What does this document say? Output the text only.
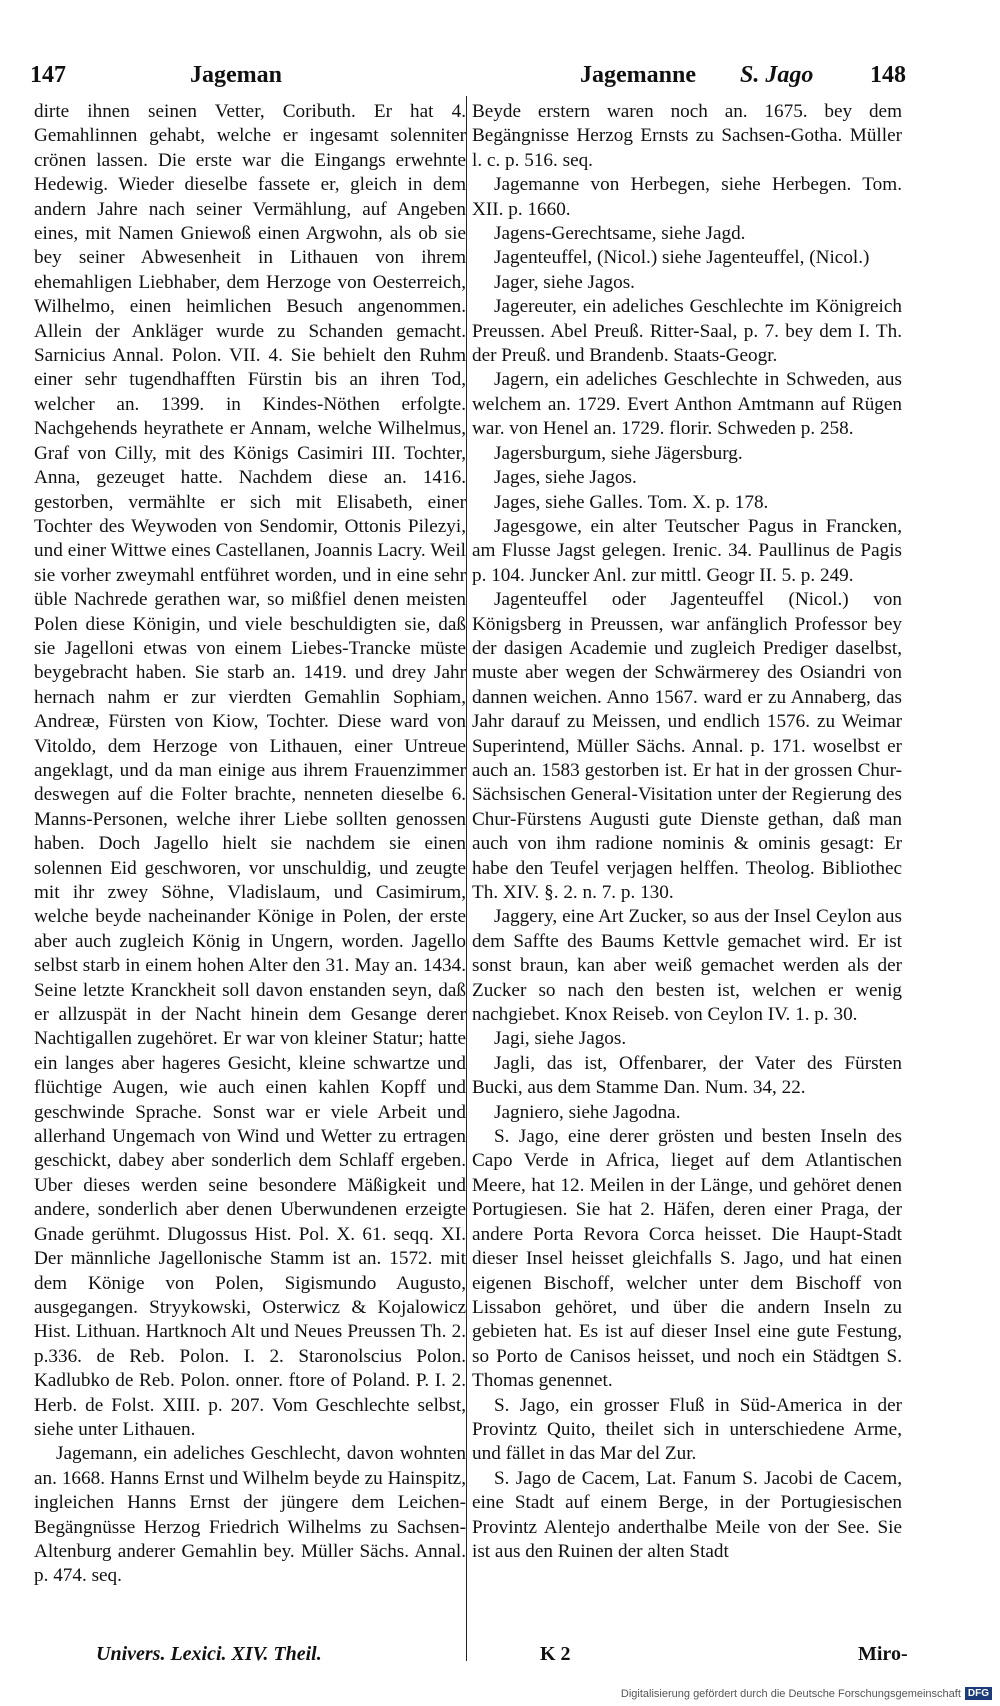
147	Jageman	Jagemanne S. Jago 148

dirte ihnen seinen Vetter, Coributh. Er hat 4. Gemahlinnen gehabt, welche er ingesamt solenniter crönen lassen. Die erste war die Eingangs erwehnte Hedewig. Wieder dieselbe fassete er, gleich in dem andern Jahre nach seiner Vermählung, auf Angeben eines, mit Namen Gniewoß einen Argwohn, als ob sie bey seiner Abwesenheit in Lithauen von ihrem ehemahligen Liebhaber, dem Herzoge von Oesterreich, Wilhelmo, einen heimlichen Besuch angenommen. Allein der Ankläger wurde zu Schanden gemacht. Sarnicius Annal. Polon. VII. 4. Sie behielt den Ruhm einer sehr tugendhafften Fürstin bis an ihren Tod, welcher an. 1399. in Kindes-Nöthen erfolgte. Nachgehends heyrathete er Annam, welche Wilhelmus, Graf von Cilly, mit des Königs Casimiri III. Tochter, Anna, gezeuget hatte. Nachdem diese an. 1416. gestorben, vermählte er sich mit Elisabeth, einer Tochter des Weywoden von Sendomir, Ottonis Pilezyi, und einer Wittwe eines Castellanen, Joannis Lacry. Weil sie vorher zweymahl entführet worden, und in eine sehr üble Nachrede gerathen war, so mißfiel denen meisten Polen diese Königin, und viele beschuldigten sie, daß sie Jagelloni etwas von einem Liebes-Trancke müste beygebracht haben. Sie starb an. 1419. und drey Jahr hernach nahm er zur vierdten Gemahlin Sophiam, Andreæ, Fürsten von Kiow, Tochter. Diese ward von Vitoldo, dem Herzoge von Lithauen, einer Untreue angeklagt, und da man einige aus ihrem Frauenzimmer deswegen auf die Folter brachte, nenneten dieselbe 6. Manns-Personen, welche ihrer Liebe sollten genossen haben. Doch Jagello hielt sie nachdem sie einen solennen Eid geschworen, vor unschuldig, und zeugte mit ihr zwey Söhne, Vladislaum, und Casimirum, welche beyde nacheinander Könige in Polen, der erste aber auch zugleich König in Ungern, worden. Jagello selbst starb in einem hohen Alter den 31. May an. 1434. Seine letzte Kranckheit soll davon enstanden seyn, daß er allzuspät in der Nacht hinein dem Gesange derer Nachtigallen zugehöret. Er war von kleiner Statur; hatte ein langes aber hageres Gesicht, kleine schwartze und flüchtige Augen, wie auch einen kahlen Kopff und geschwinde Sprache. Sonst war er viele Arbeit und allerhand Ungemach von Wind und Wetter zu ertragen geschickt, dabey aber sonderlich dem Schlaff ergeben. Uber dieses werden seine besondere Mäßigkeit und andere, sonderlich aber denen Uberwundenen erzeigte Gnade gerühmt. Dlugossus Hist. Pol. X. 61. seqq. XI. Der männliche Jagellonische Stamm ist an. 1572. mit dem Könige von Polen, Sigismundo Augusto, ausgegangen. Stryykowski, Osterwicz & Kojalowicz Hist. Lithuan. Hartknoch Alt und Neues Preussen Th. 2. p.336. de Reb. Polon. I. 2. Staronolscius Polon. Kadlubko de Reb. Polon. onner. ftore of Poland. P. I. 2. Herb. de Folst. XIII. p. 207. Vom Geschlechte selbst, siehe unter Lithauen.

Jagemann, ein adeliches Geschlecht, davon wohnten an. 1668. Hanns Ernst und Wilhelm beyde zu Hainspitz, ingleichen Hanns Ernst der jüngere dem Leichen-Begängnüsse Herzog Friedrich Wilhelms zu Sachsen-Altenburg anderer Gemahlin bey. Müller Sächs. Annal. p. 474. seq.

Beyde erstern waren noch an. 1675. bey dem Begängnisse Herzog Ernsts zu Sachsen-Gotha. Müller l. c. p. 516. seq.

Jagemanne von Herbegen, siehe Herbegen. Tom. XII. p. 1660.

Jagens-Gerechtsame, siehe Jagd.

Jagenteuffel, (Nicol.) siehe Jagenteuffel, (Nicol.)

Jager, siehe Jagos.

Jagereuter, ein adeliches Geschlechte im Königreich Preussen. Abel Preuß. Ritter-Saal, p. 7. bey dem I. Th. der Preuß. und Brandenb. Staats-Geogr.

Jagern, ein adeliches Geschlechte in Schweden, aus welchem an. 1729. Evert Anthon Amtmann auf Rügen war. von Henel an. 1729. florir. Schweden p. 258.

Jagersburgum, siehe Jägersburg.

Jages, siehe Jagos.

Jages, siehe Galles. Tom. X. p. 178.

Jagesgowe, ein alter Teutscher Pagus in Francken, am Flusse Jagst gelegen. Irenic. 34. Paullinus de Pagis p. 104. Juncker Anl. zur mittl. Geogr II. 5. p. 249.

Jagenteuffel oder Jagenteuffel (Nicol.) von Königsberg in Preussen, war anfänglich Professor bey der dasigen Academie und zugleich Prediger daselbst, muste aber wegen der Schwärmerey des Osiandri von dannen weichen. Anno 1567. ward er zu Annaberg, das Jahr darauf zu Meissen, und endlich 1576. zu Weimar Superintend, Müller Sächs. Annal. p. 171. woselbst er auch an. 1583 gestorben ist. Er hat in der grossen Chur-Sächsischen General-Visitation unter der Regierung des Chur-Fürstens Augusti gute Dienste gethan, daß man auch von ihm radione nominis & ominis gesagt: Er habe den Teufel verjagen helffen. Theolog. Bibliothec Th. XIV. §. 2. n. 7. p. 130.

Jaggery, eine Art Zucker, so aus der Insel Ceylon aus dem Saffte des Baums Kettvle gemachet wird. Er ist sonst braun, kan aber weiß gemachet werden als der Zucker so nach den besten ist, welchen er wenig nachgiebet. Knox Reiseb. von Ceylon IV. 1. p. 30.

Jagi, siehe Jagos.

Jagli, das ist, Offenbarer, der Vater des Fürsten Bucki, aus dem Stamme Dan. Num. 34, 22.

Jagniero, siehe Jagodna.

S. Jago, eine derer grösten und besten Inseln des Capo Verde in Africa, lieget auf dem Atlantischen Meere, hat 12. Meilen in der Länge, und gehöret denen Portugiesen. Sie hat 2. Häfen, deren einer Praga, der andere Porta Revora Corca heisset. Die Haupt-Stadt dieser Insel heisset gleichfalls S. Jago, und hat einen eigenen Bischoff, welcher unter dem Bischoff von Lissabon gehöret, und über die andern Inseln zu gebieten hat. Es ist auf dieser Insel eine gute Festung, so Porto de Canisos heisset, und noch ein Städtgen S. Thomas genennet.

S. Jago, ein grosser Fluß in Süd-America in der Provintz Quito, theilet sich in unterschiedene Arme, und fället in das Mar del Zur.

S. Jago de Cacem, Lat. Fanum S. Jacobi de Cacem, eine Stadt auf einem Berge, in der Portugiesischen Provintz Alentejo anderthalbe Meile von der See. Sie ist aus den Ruinen der alten Stadt

Univers. Lexici. XIV. Theil.	K 2	Miro-
Digitalisierung gefördert durch die Deutsche Forschungsgemeinschaft DFG
